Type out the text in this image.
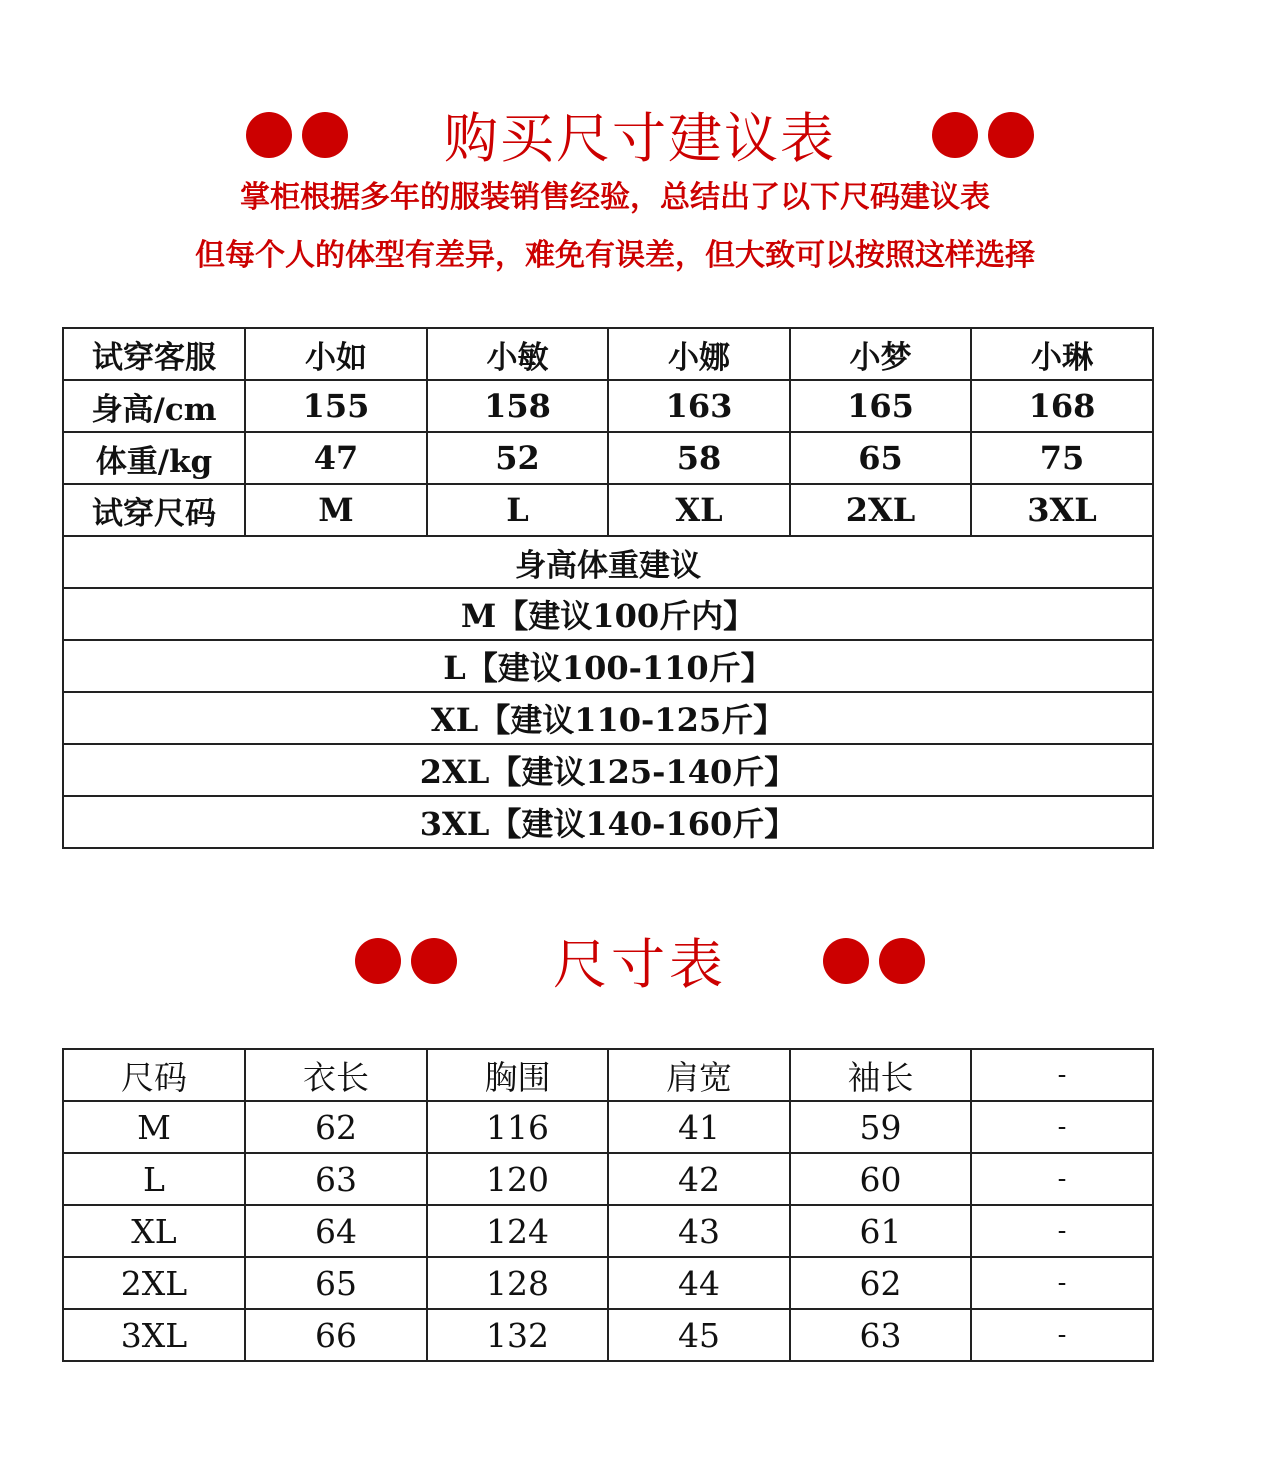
购买尺寸建议表

掌柜根据多年的服装销售经验，总结出了以下尺码建议表

但每个人的体型有差异，难免有误差，但大致可以按照这样选择

试穿客服	小如	小敏	小娜	小梦	小琳
身高/cm	155	158	163	165	168
体重/kg	47	52	58	65	75
试穿尺码	M	L	XL	2XL	3XL
身高体重建议					
M【建议100斤内】					
L【建议100-110斤】					
XL【建议110-125斤】					
2XL【建议125-140斤】					
3XL【建议140-160斤】					
尺寸表
尺码	衣长	胸围	肩宽	袖长	-
M	62	116	41	59	-
L	63	120	42	60	-
XL	64	124	43	61	-
2XL	65	128	44	62	-
3XL	66	132	45	63	-
